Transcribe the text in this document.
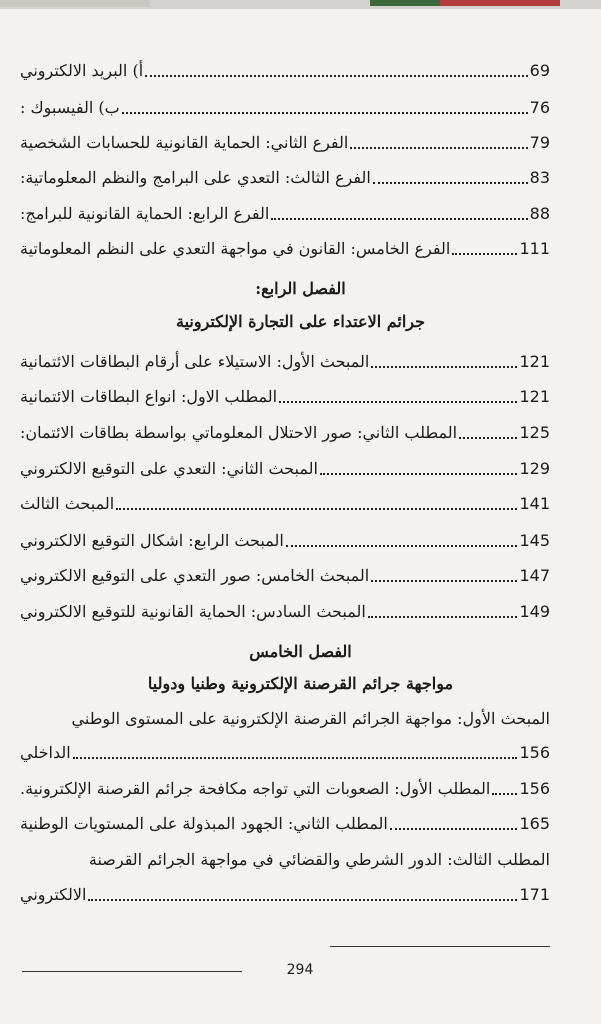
أ) البريد الالكتروني	69
ب) الفيسبوك :	76
الفرع الثاني: الحماية القانونية للحسابات الشخصية	79
الفرع الثالث: التعدي على البرامج والنظم المعلوماتية:	83
الفرع الرابع: الحماية القانونية للبرامج:	88
الفرع الخامس: القانون في مواجهة التعدي على النظم المعلوماتية	111
الفصل الرابع:
جرائم الاعتداء على التجارة الإلكترونية
المبحث الأول: الاستيلاء على أرقام البطاقات الائتمانية	121
المطلب الاول: انواع البطاقات الائتمانية	121
المطلب الثاني: صور الاحتلال المعلوماتي بواسطة بطاقات الائتمان:	125
المبحث الثاني: التعدي على التوقيع الالكتروني	129
المبحث الثالث	141
المبحث الرابع: اشكال التوقيع الالكتروني	145
المبحث الخامس: صور التعدي على التوقيع الالكتروني	147
المبحث السادس: الحماية القانونية للتوقيع الالكتروني	149
الفصل الخامس
مواجهة جرائم القرصنة الإلكترونية وطنيا ودوليا
المبحث الأول: مواجهة الجرائم القرصنة الإلكترونية على المستوى الوطني
الداخلي	156
المطلب الأول: الصعوبات التي تواجه مكافحة جرائم القرصنة الإلكترونية. 156
المطلب الثاني: الجهود المبذولة على المستويات الوطنية	165
المطلب الثالث: الدور الشرطي والقضائي في مواجهة الجرائم القرصنة
الالكتروني	171
294
